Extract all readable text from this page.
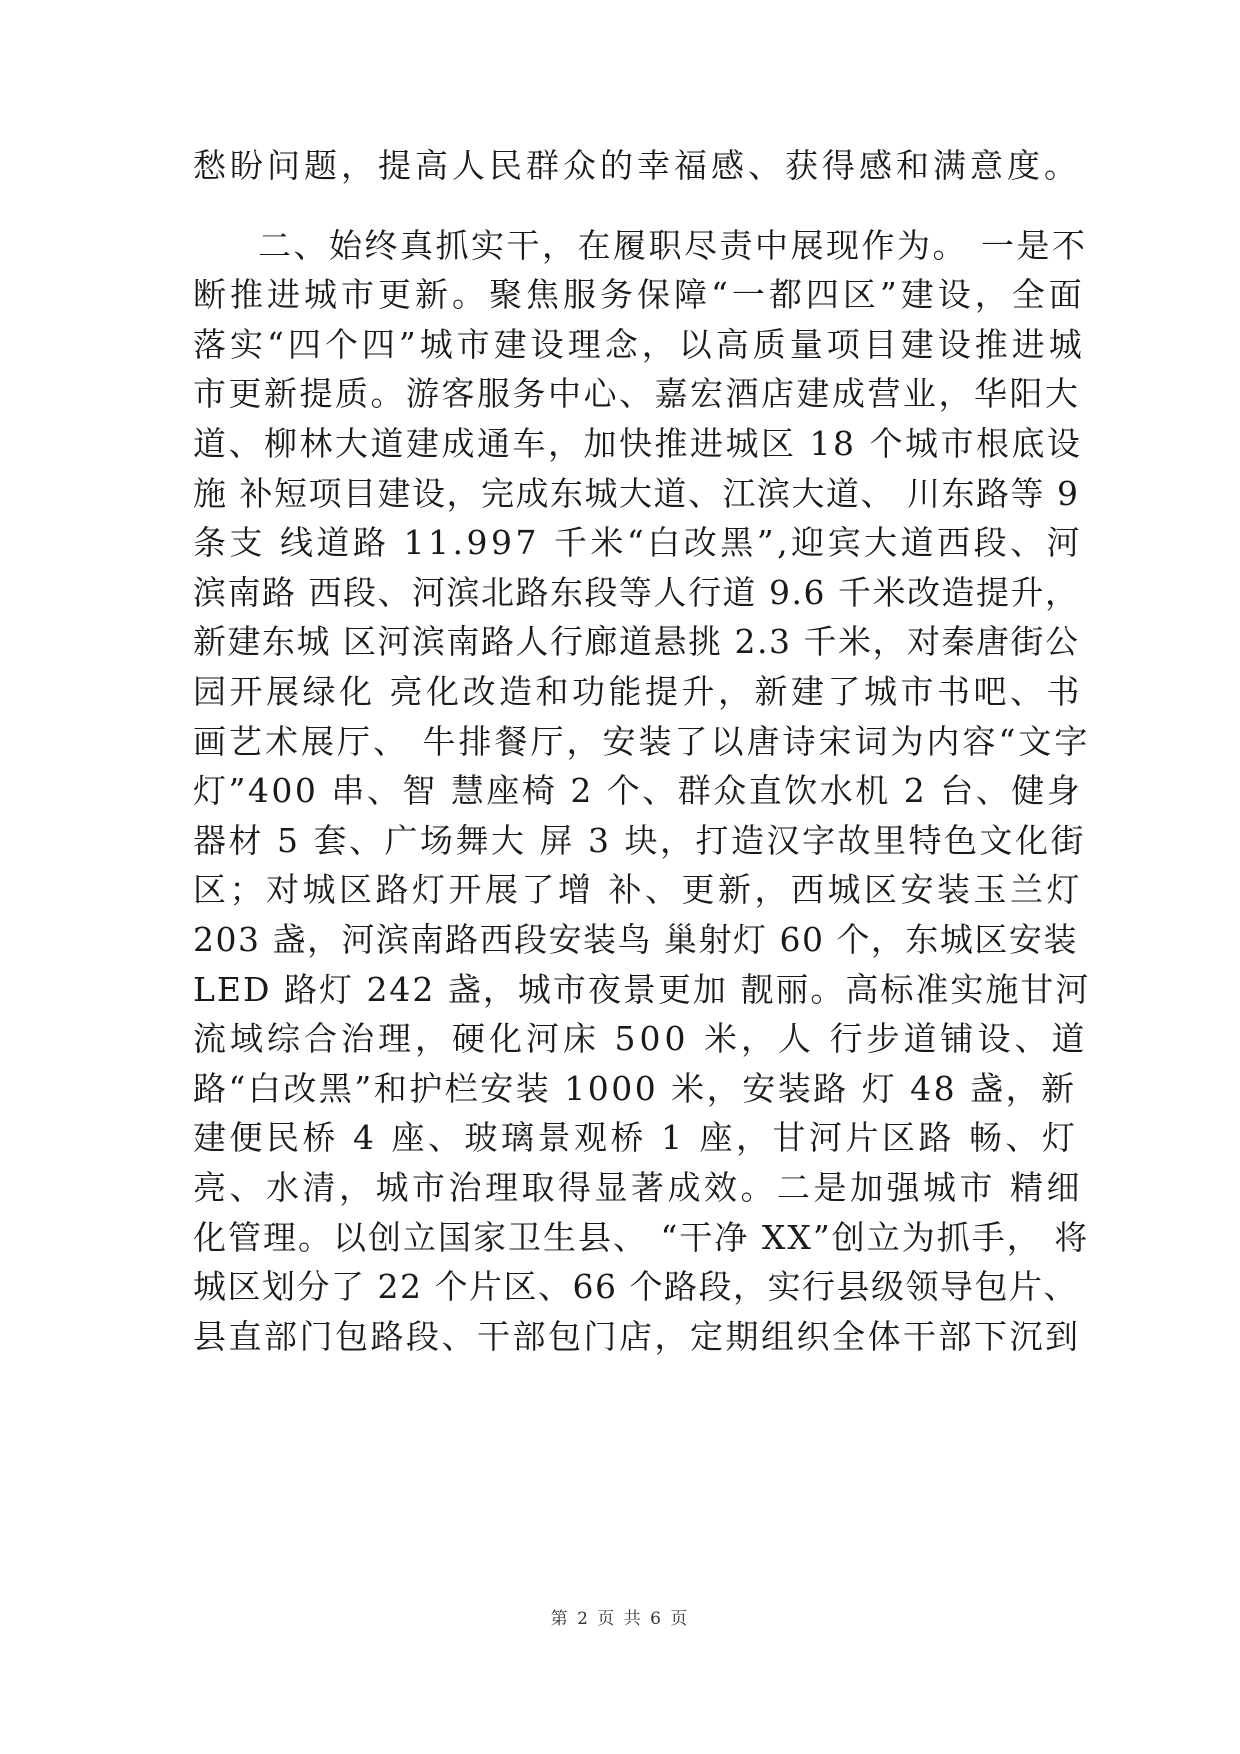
愁盼问题，提高人民群众的幸福感、获得感和满意度。
二、始终真抓实干，在履职尽责中展现作为。 一是不
断推进城市更新。聚焦服务保障“一都四区”建设，全面
落实“四个四”城市建设理念，以高质量项目建设推进城
市更新提质。游客服务中心、嘉宏酒店建成营业，华阳大
道、柳林大道建成通车，加快推进城区 18 个城市根底设
施 补短项目建设，完成东城大道、江滨大道、 川东路等 9
条支 线道路 11.997 千米“白改黑”,迎宾大道西段、河
滨南路 西段、河滨北路东段等人行道 9.6 千米改造提升，
新建东城 区河滨南路人行廊道悬挑 2.3 千米，对秦唐街公
园开展绿化 亮化改造和功能提升，新建了城市书吧、书
画艺术展厅、 牛排餐厅，安装了以唐诗宋词为内容“文字
灯”400 串、智 慧座椅 2 个、群众直饮水机 2 台、健身
器材 5 套、广场舞大 屏 3 块，打造汉字故里特色文化街
区；对城区路灯开展了增 补、更新，西城区安装玉兰灯
203 盏，河滨南路西段安装鸟 巢射灯 60 个，东城区安装
LED 路灯 242 盏，城市夜景更加 靓丽。高标准实施甘河
流域综合治理，硬化河床 500 米，人 行步道铺设、道
路“白改黑”和护栏安装 1000 米，安装路 灯 48 盏，新
建便民桥 4 座、玻璃景观桥 1 座，甘河片区路 畅、灯
亮、水清，城市治理取得显著成效。二是加强城市 精细
化管理。以创立国家卫生县、 “干净 XX”创立为抓手， 将
城区划分了 22 个片区、66 个路段，实行县级领导包片、
县直部门包路段、干部包门店，定期组织全体干部下沉到
第 2 页 共 6 页
